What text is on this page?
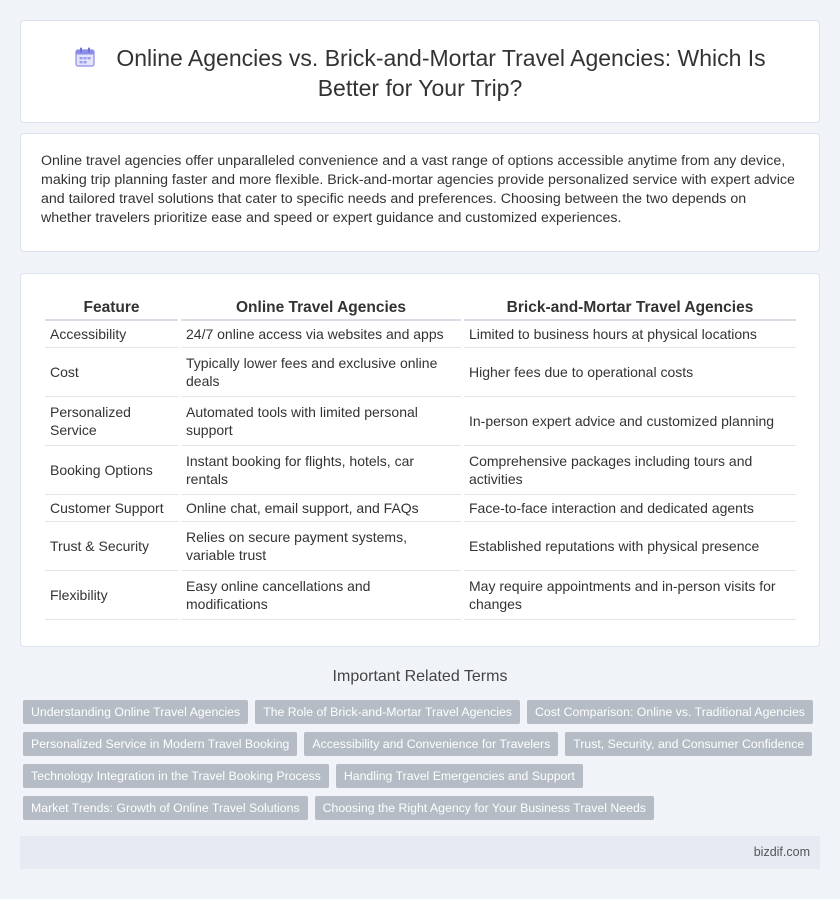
Online Agencies vs. Brick-and-Mortar Travel Agencies: Which Is Better for Your Trip?

Online travel agencies offer unparalleled convenience and a vast range of options accessible anytime from any device, making trip planning faster and more flexible. Brick-and-mortar agencies provide personalized service with expert advice and tailored travel solutions that cater to specific needs and preferences. Choosing between the two depends on whether travelers prioritize ease and speed or expert guidance and customized experiences.

Feature	Online Travel Agencies	Brick-and-Mortar Travel Agencies
Accessibility	24/7 online access via websites and apps	Limited to business hours at physical locations
Cost	Typically lower fees and exclusive online deals	Higher fees due to operational costs
Personalized Service	Automated tools with limited personal support	In-person expert advice and customized planning
Booking Options	Instant booking for flights, hotels, car rentals	Comprehensive packages including tours and activities
Customer Support	Online chat, email support, and FAQs	Face-to-face interaction and dedicated agents
Trust & Security	Relies on secure payment systems, variable trust	Established reputations with physical presence
Flexibility	Easy online cancellations and modifications	May require appointments and in-person visits for changes
Important Related Terms
Understanding Online Travel Agencies	The Role of Brick-and-Mortar Travel Agencies	Cost Comparison: Online vs. Traditional Agencies
Personalized Service in Modern Travel Booking	Accessibility and Convenience for Travelers	Trust, Security, and Consumer Confidence
Technology Integration in the Travel Booking Process	Handling Travel Emergencies and Support
Market Trends: Growth of Online Travel Solutions	Choosing the Right Agency for Your Business Travel Needs
bizdif.com
